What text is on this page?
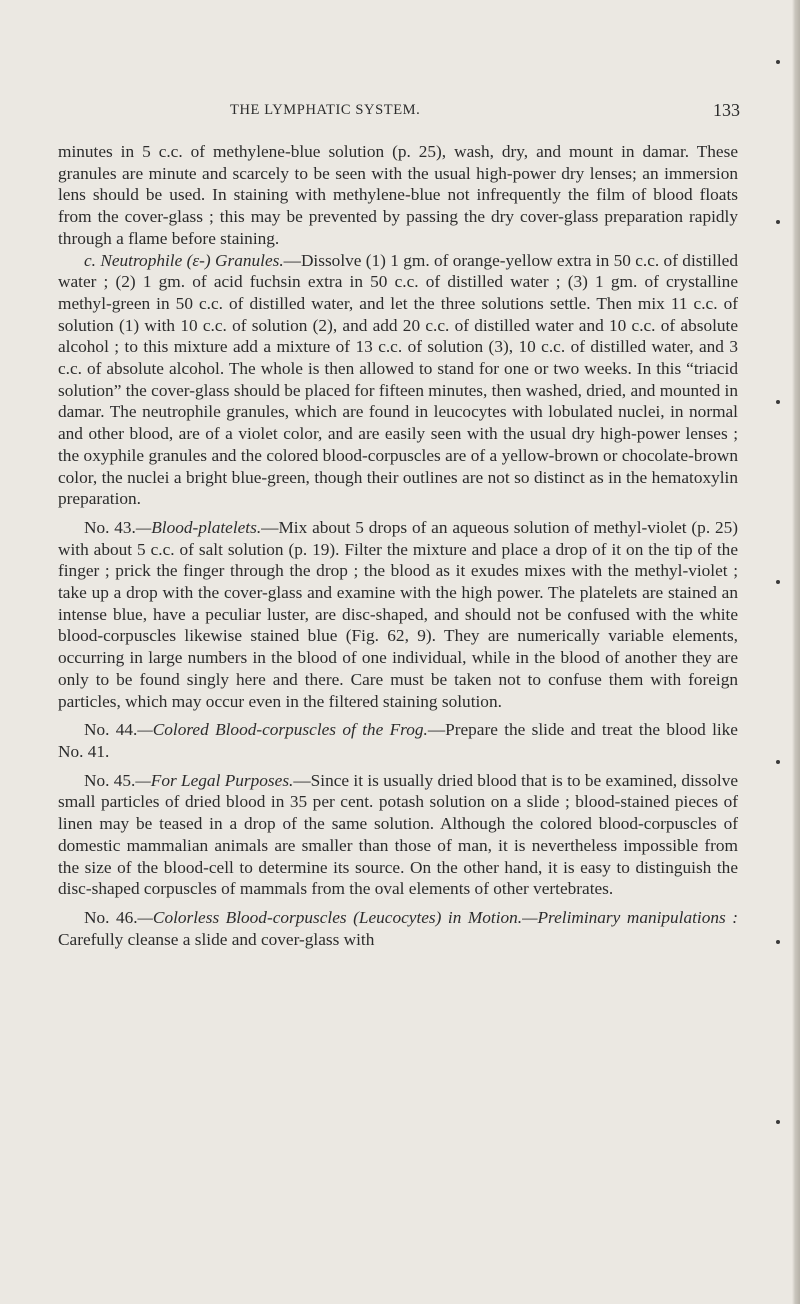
THE LYMPHATIC SYSTEM.	133

minutes in 5 c.c. of methylene-blue solution (p. 25), wash, dry, and mount in damar. These granules are minute and scarcely to be seen with the usual high-power dry lenses; an immersion lens should be used. In staining with methylene-blue not infrequently the film of blood floats from the cover-glass ; this may be prevented by passing the dry cover-glass preparation rapidly through a flame before staining.

c. Neutrophile (ε-) Granules.—Dissolve (1) 1 gm. of orange-yellow extra in 50 c.c. of distilled water ; (2) 1 gm. of acid fuchsin extra in 50 c.c. of distilled water ; (3) 1 gm. of crystalline methyl-green in 50 c.c. of distilled water, and let the three solutions settle. Then mix 11 c.c. of solution (1) with 10 c.c. of solution (2), and add 20 c.c. of distilled water and 10 c.c. of absolute alcohol ; to this mixture add a mixture of 13 c.c. of solution (3), 10 c.c. of distilled water, and 3 c.c. of absolute alcohol. The whole is then allowed to stand for one or two weeks. In this “triacid solution” the cover-glass should be placed for fifteen minutes, then washed, dried, and mounted in damar. The neutrophile granules, which are found in leucocytes with lobulated nuclei, in normal and other blood, are of a violet color, and are easily seen with the usual dry high-power lenses ; the oxyphile granules and the colored blood-corpuscles are of a yellow-brown or chocolate-brown color, the nuclei a bright blue-green, though their outlines are not so distinct as in the hematoxylin preparation.

No. 43.—Blood-platelets.—Mix about 5 drops of an aqueous solution of methyl-violet (p. 25) with about 5 c.c. of salt solution (p. 19). Filter the mixture and place a drop of it on the tip of the finger ; prick the finger through the drop ; the blood as it exudes mixes with the methyl-violet ; take up a drop with the cover-glass and examine with the high power. The platelets are stained an intense blue, have a peculiar luster, are disc-shaped, and should not be confused with the white blood-corpuscles likewise stained blue (Fig. 62, 9). They are numerically variable elements, occurring in large numbers in the blood of one individual, while in the blood of another they are only to be found singly here and there. Care must be taken not to confuse them with foreign particles, which may occur even in the filtered staining solution.

No. 44.—Colored Blood-corpuscles of the Frog.—Prepare the slide and treat the blood like No. 41.

No. 45.—For Legal Purposes.—Since it is usually dried blood that is to be examined, dissolve small particles of dried blood in 35 per cent. potash solution on a slide ; blood-stained pieces of linen may be teased in a drop of the same solution. Although the colored blood-corpuscles of domestic mammalian animals are smaller than those of man, it is nevertheless impossible from the size of the blood-cell to determine its source. On the other hand, it is easy to distinguish the disc-shaped corpuscles of mammals from the oval elements of other vertebrates.

No. 46.—Colorless Blood-corpuscles (Leucocytes) in Motion.—Preliminary manipulations : Carefully cleanse a slide and cover-glass with
